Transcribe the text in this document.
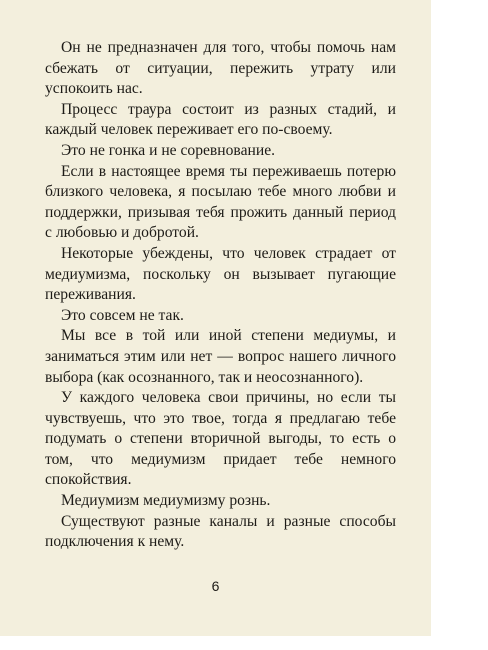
Он не предназначен для того, чтобы помочь нам сбежать от ситуации, пережить утрату или успокоить нас.

Процесс траура состоит из разных стадий, и каждый человек переживает его по-своему.

Это не гонка и не соревнование.

Если в настоящее время ты переживаешь потерю близкого человека, я посылаю тебе много любви и поддержки, призывая тебя прожить данный период с любовью и добротой.

Некоторые убеждены, что человек страдает от медиумизма, поскольку он вызывает пугающие переживания.

Это совсем не так.

Мы все в той или иной степени медиумы, и заниматься этим или нет — вопрос нашего личного выбора (как осознанного, так и неосознанного).

У каждого человека свои причины, но если ты чувствуешь, что это твое, тогда я предлагаю тебе подумать о степени вторичной выгоды, то есть о том, что медиумизм придает тебе немного спокойствия.

Медиумизм медиумизму рознь.

Существуют разные каналы и разные способы подключения к нему.

6
